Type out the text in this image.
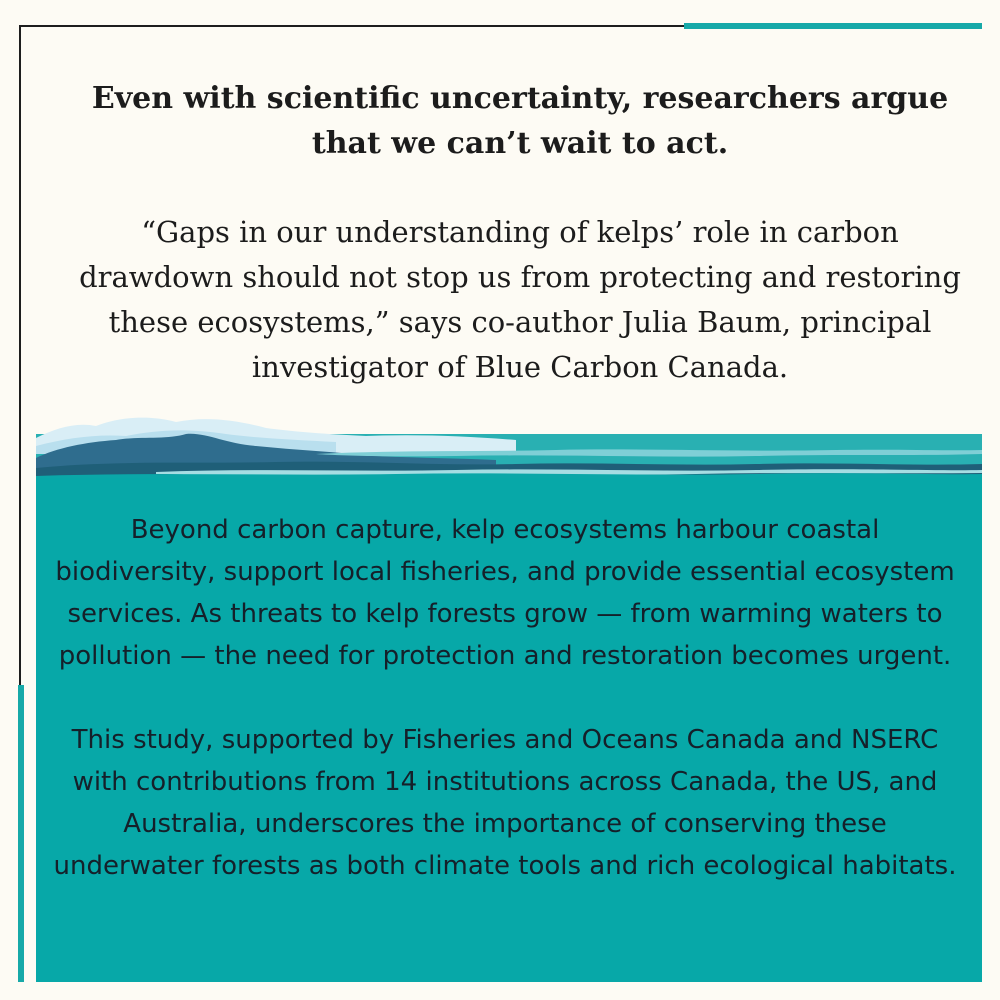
Even with scientific uncertainty, researchers argue that we can’t wait to act.

“Gaps in our understanding of kelps’ role in carbon drawdown should not stop us from protecting and restoring these ecosystems,” says co-author Julia Baum, principal investigator of Blue Carbon Canada.

Beyond carbon capture, kelp ecosystems harbour coastal biodiversity, support local fisheries, and provide essential ecosystem services. As threats to kelp forests grow — from warming waters to pollution — the need for protection and restoration becomes urgent.

This study, supported by Fisheries and Oceans Canada and NSERC with contributions from 14 institutions across Canada, the US, and Australia, underscores the importance of conserving these underwater forests as both climate tools and rich ecological habitats.
